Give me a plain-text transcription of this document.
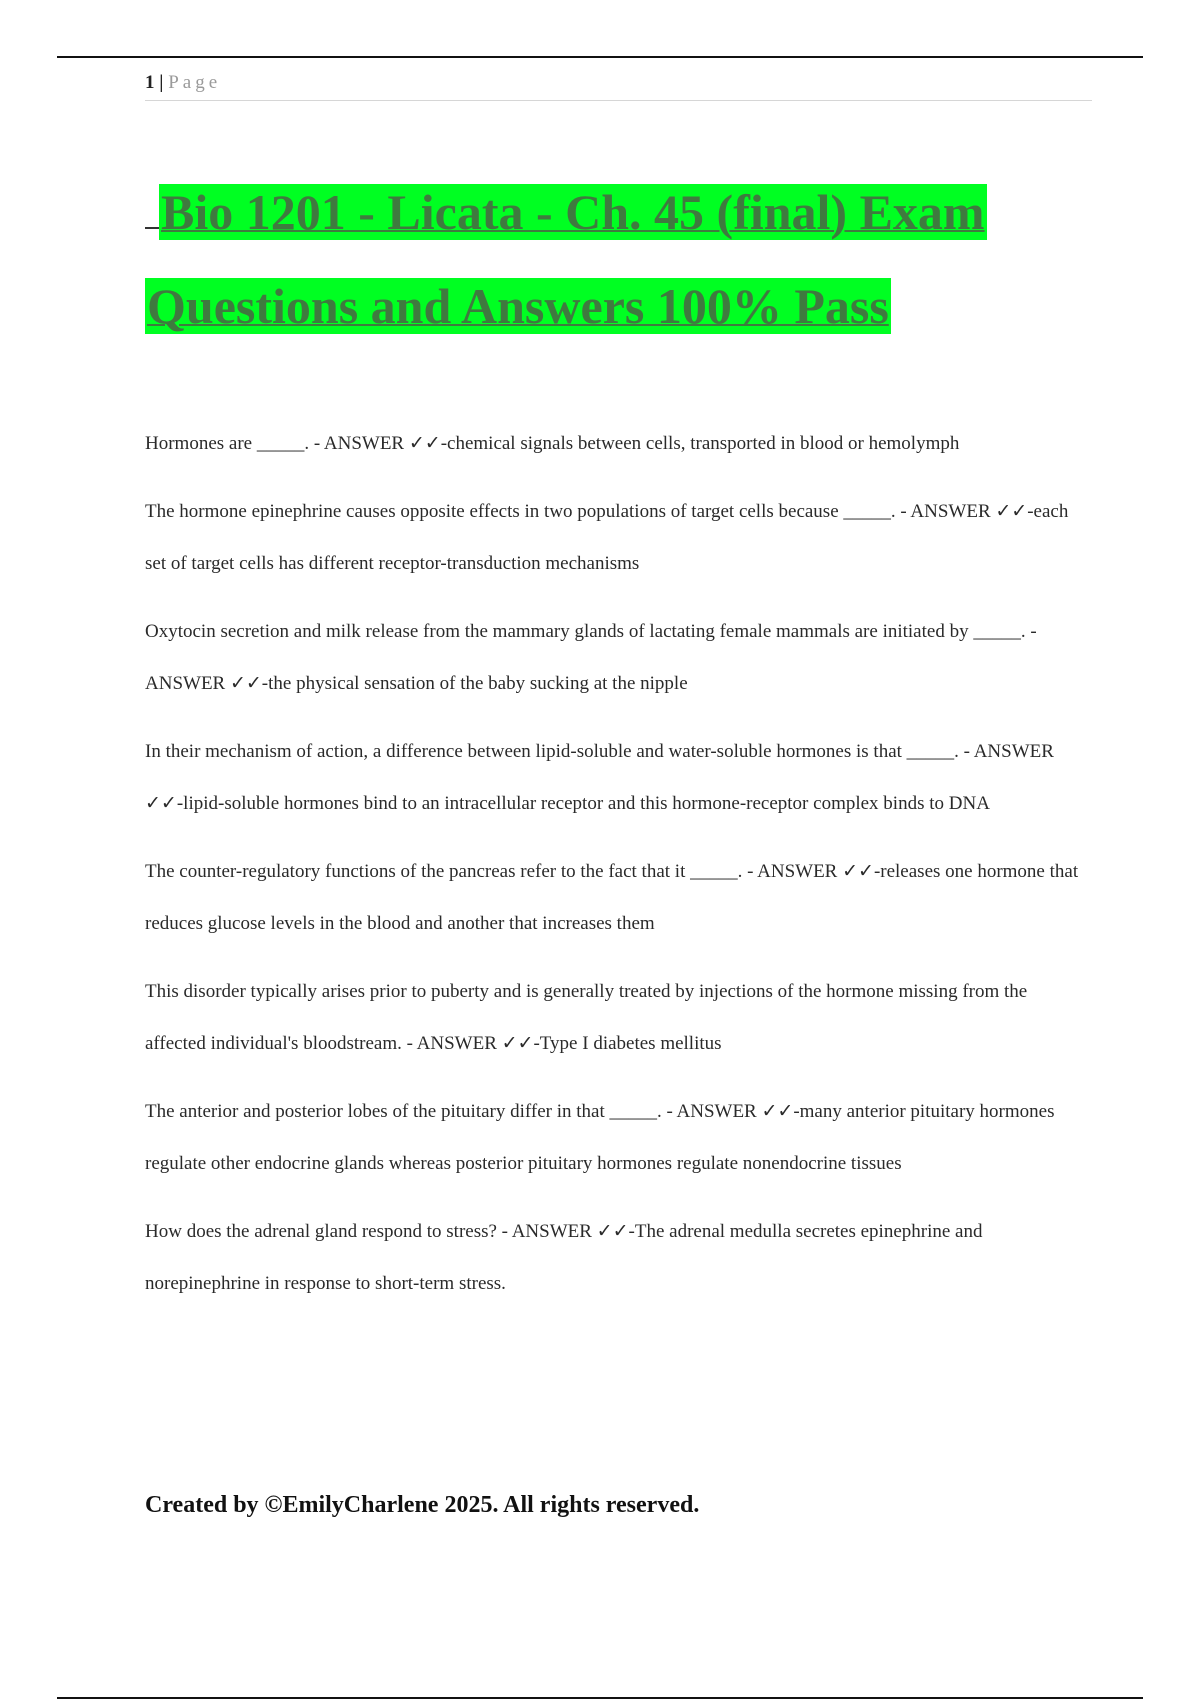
1 | Page
Bio 1201 - Licata - Ch. 45 (final) Exam
Questions and Answers 100% Pass

Hormones are _____. - ANSWER ✓✓-chemical signals between cells, transported in blood or hemolymph

The hormone epinephrine causes opposite effects in two populations of target cells because _____. - ANSWER ✓✓-each set of target cells has different receptor-transduction mechanisms

Oxytocin secretion and milk release from the mammary glands of lactating female mammals are initiated by _____. - ANSWER ✓✓-the physical sensation of the baby sucking at the nipple

In their mechanism of action, a difference between lipid-soluble and water-soluble hormones is that _____. - ANSWER ✓✓-lipid-soluble hormones bind to an intracellular receptor and this hormone-receptor complex binds to DNA

The counter-regulatory functions of the pancreas refer to the fact that it _____. - ANSWER ✓✓-releases one hormone that reduces glucose levels in the blood and another that increases them

This disorder typically arises prior to puberty and is generally treated by injections of the hormone missing from the affected individual's bloodstream. - ANSWER ✓✓-Type I diabetes mellitus

The anterior and posterior lobes of the pituitary differ in that _____. - ANSWER ✓✓-many anterior pituitary hormones regulate other endocrine glands whereas posterior pituitary hormones regulate nonendocrine tissues

How does the adrenal gland respond to stress? - ANSWER ✓✓-The adrenal medulla secretes epinephrine and norepinephrine in response to short-term stress.

Created by ©EmilyCharlene 2025. All rights reserved.
